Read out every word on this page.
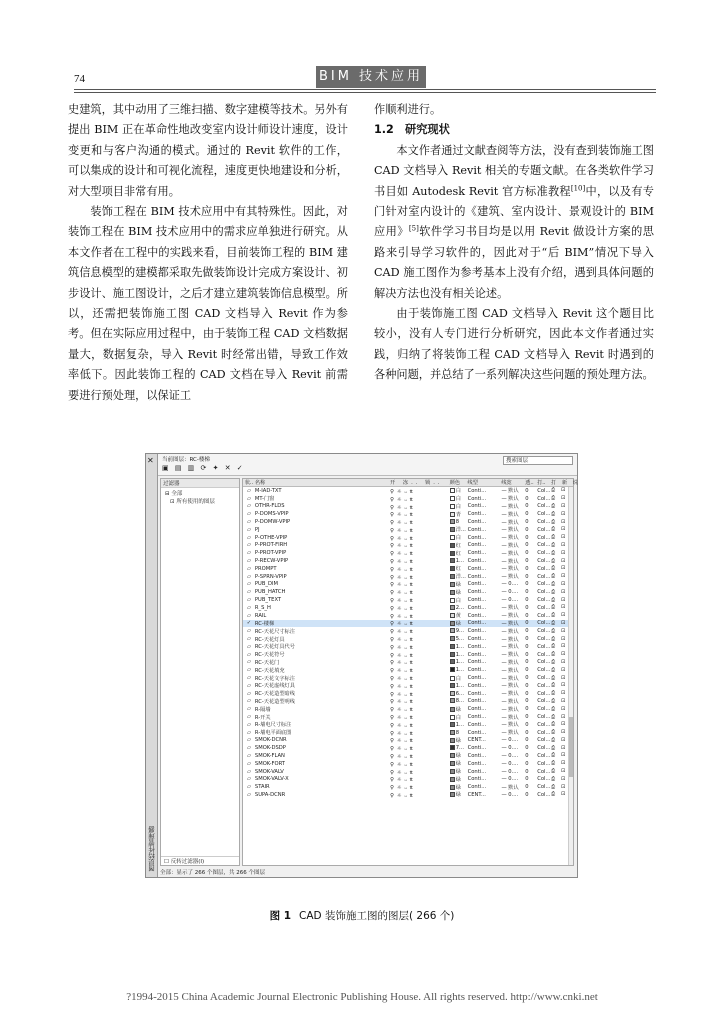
74	BIM 技术应用

史建筑，其中动用了三维扫描、数字建模等技术。另外有提出 BIM 正在革命性地改变室内设计师设计速度，设计变更和与客户沟通的模式。通过的 Revit 软件的工作，可以集成的设计和可视化流程，速度更快地建设和分析，对大型项目非常有用。

装饰工程在 BIM 技术应用中有其特殊性。因此，对装饰工程在 BIM 技术应用中的需求应单独进行研究。从本文作者在工程中的实践来看，目前装饰工程的 BIM 建筑信息模型的建模都采取先做装饰设计完成方案设计、初步设计、施工图设计，之后才建立建筑装饰信息模型。所以，还需把装饰施工图 CAD 文档导入 Revit 作为参考。但在实际应用过程中，由于装饰工程 CAD 文档数据量大，数据复杂，导入 Revit 时经常出错，导致工作效率低下。因此装饰工程的 CAD 文档在导入 Revit 前需要进行预处理，以保证工

作顺利进行。

1.2　研究现状

本文作者通过文献查阅等方法，没有查到装饰施工图 CAD 文档导入 Revit 相关的专题文献。在各类软件学习书目如 Autodesk Revit 官方标准教程[10]中，以及有专门针对室内设计的《建筑、室内设计、景观设计的 BIM 应用》[5]软件学习书目均是以用 Revit 做设计方案的思路来引导学习软件的，因此对于“后 BIM”情况下导入 CAD 施工图作为参考基本上没有介绍，遇到具体问题的解决方法也没有相关论述。

由于装饰施工图 CAD 文档导入 Revit 这个题目比较小，没有人专门进行分析研究，因此本文作者通过实践，归纳了将装饰工程 CAD 文档导入 Revit 时遇到的各种问题，并总结了一系列解决这些问题的预处理方法。

✕
图层特性管理器
当前图层：RC-楼梯
▣ ▤ ▥ ⟳ ✦ ✕ ✓
搜索图层
过滤器
⊟ 全部
⊡ 所有使用的图层
☐ 反转过滤器(I)
状.. 名称	开 冻.. 锁..	颜色	线型	线宽	透.. 打..	打 新 说
▱ M-IAD-TXT	♀☼ᵤ₶	白	Conti...	— 默认	0	Col... ⎙ ⊡
▱ MT-门窗	♀☼ᵤ₶	白	Conti...	— 默认	0	Col... ⎙ ⊡
▱ OTHR-FLDS	♀☼ᵤ₶	白	Conti...	— 默认	0	Col... ⎙ ⊡
▱ P-DOMS-VPIP	♀☼ᵤ₶	青	Conti...	— 默认	0	Col... ⎙ ⊡
▱ P-DOMW-VPIP	♀☼ᵤ₶	8	Conti...	— 默认	0	Col... ⎙ ⊡
▱ PJ	♀☼ᵤ₶	洋... Conti...	— 默认	0	Col... ⎙ ⊡
▱ P-OTHE-VPIP	♀☼ᵤ₶	白	Conti...	— 默认	0	Col... ⎙ ⊡
▱ P-PROT-FIRH	♀☼ᵤ₶	红	Conti...	— 默认	0	Col... ⎙ ⊡
▱ P-PROT-VPIP	♀☼ᵤ₶	红	Conti...	— 默认	0	Col... ⎙ ⊡
▱ P-RECW-VPIP	♀☼ᵤ₶	1... Conti...	— 默认	0	Col... ⎙ ⊡
▱ PROMPT	♀☼ᵤ₶	红	Conti...	— 默认	0	Col... ⎙ ⊡
▱ P-SPRN-VPIP	♀☼ᵤ₶	洋... Conti...	— 默认	0	Col... ⎙ ⊡
▱ PUB_DIM	♀☼ᵤ₶	绿	Conti...	— 0....	0	Col... ⎙ ⊡
▱ PUB_HATCH	♀☼ᵤ₶	绿	Conti...	— 0....	0	Col... ⎙ ⊡
▱ PUB_TEXT	♀☼ᵤ₶	白	Conti...	— 0....	0	Col... ⎙ ⊡
▱ R_S_H	♀☼ᵤ₶	2... Conti...	— 默认	0	Col... ⎙ ⊡
▱ RAIL	♀☼ᵤ₶	黄	Conti...	— 默认	0	Col... ⎙ ⊡
✓ RC-楼梯	♀☼ᵤ₶	绿	Conti...	— 默认	0	Col... ⎙ ⊡
▱ RC-天花尺寸标注	♀☼ᵤ₶	9... Conti...	— 默认	0	Col... ⎙ ⊡
▱ RC-天花灯具	♀☼ᵤ₶	5... Conti...	— 默认	0	Col... ⎙ ⊡
▱ RC-天花灯具代号	♀☼ᵤ₶	1... Conti...	— 默认	0	Col... ⎙ ⊡
▱ RC-天花符号	♀☼ᵤ₶	1... Conti...	— 默认	0	Col... ⎙ ⊡
▱ RC-天花门	♀☼ᵤ₶	1... Conti...	— 默认	0	Col... ⎙ ⊡
▱ RC-天花填充	♀☼ᵤ₶	1... Conti...	— 默认	0	Col... ⎙ ⊡
▱ RC-天花文字标注	♀☼ᵤ₶	白	Conti...	— 默认	0	Col... ⎙ ⊡
▱ RC-天花虚线灯具	♀☼ᵤ₶	1... Conti...	— 默认	0	Col... ⎙ ⊡
▱ RC-天花造型暗线	♀☼ᵤ₶	6... Conti...	— 默认	0	Col... ⎙ ⊡
▱ RC-天花造型明线	♀☼ᵤ₶	8... Conti...	— 默认	0	Col... ⎙ ⊡
▱ R-隔墙	♀☼ᵤ₶	绿	Conti...	— 默认	0	Col... ⎙ ⊡
▱ R-开关	♀☼ᵤ₶	白	Conti...	— 默认	0	Col... ⎙ ⊡
▱ R-墙电尺寸标注	♀☼ᵤ₶	1... Conti...	— 默认	0	Col... ⎙ ⊡
▱ R-墙电平面底图	♀☼ᵤ₶	8	Conti...	— 默认	0	Col... ⎙ ⊡
▱ SMOK-DCNR	♀☼ᵤ₶	绿	CENT...	— 0....	0	Col... ⎙ ⊡
▱ SMOK-DSDP	♀☼ᵤ₶	7... Conti...	— 0....	0	Col... ⎙ ⊡
▱ SMOK-FLAN	♀☼ᵤ₶	绿	Conti...	— 0....	0	Col... ⎙ ⊡
▱ SMOK-FORT	♀☼ᵤ₶	绿	Conti...	— 0....	0	Col... ⎙ ⊡
▱ SMOK-VALV	♀☼ᵤ₶	绿	Conti...	— 0....	0	Col... ⎙ ⊡
▱ SMOK-VALV-X	♀☼ᵤ₶	绿	Conti...	— 0....	0	Col... ⎙ ⊡
▱ STAIR	♀☼ᵤ₶	绿	Conti...	— 默认	0	Col... ⎙ ⊡
▱ SUPA-DCNR	♀☼ᵤ₶	绿	CENT...	— 0....	0	Col... ⎙ ⊡
全部：显示了 266 个图层，共 266 个图层
图 1 CAD 装饰施工图的图层( 266 个)
?1994-2015 China Academic Journal Electronic Publishing House. All rights reserved. http://www.cnki.net
